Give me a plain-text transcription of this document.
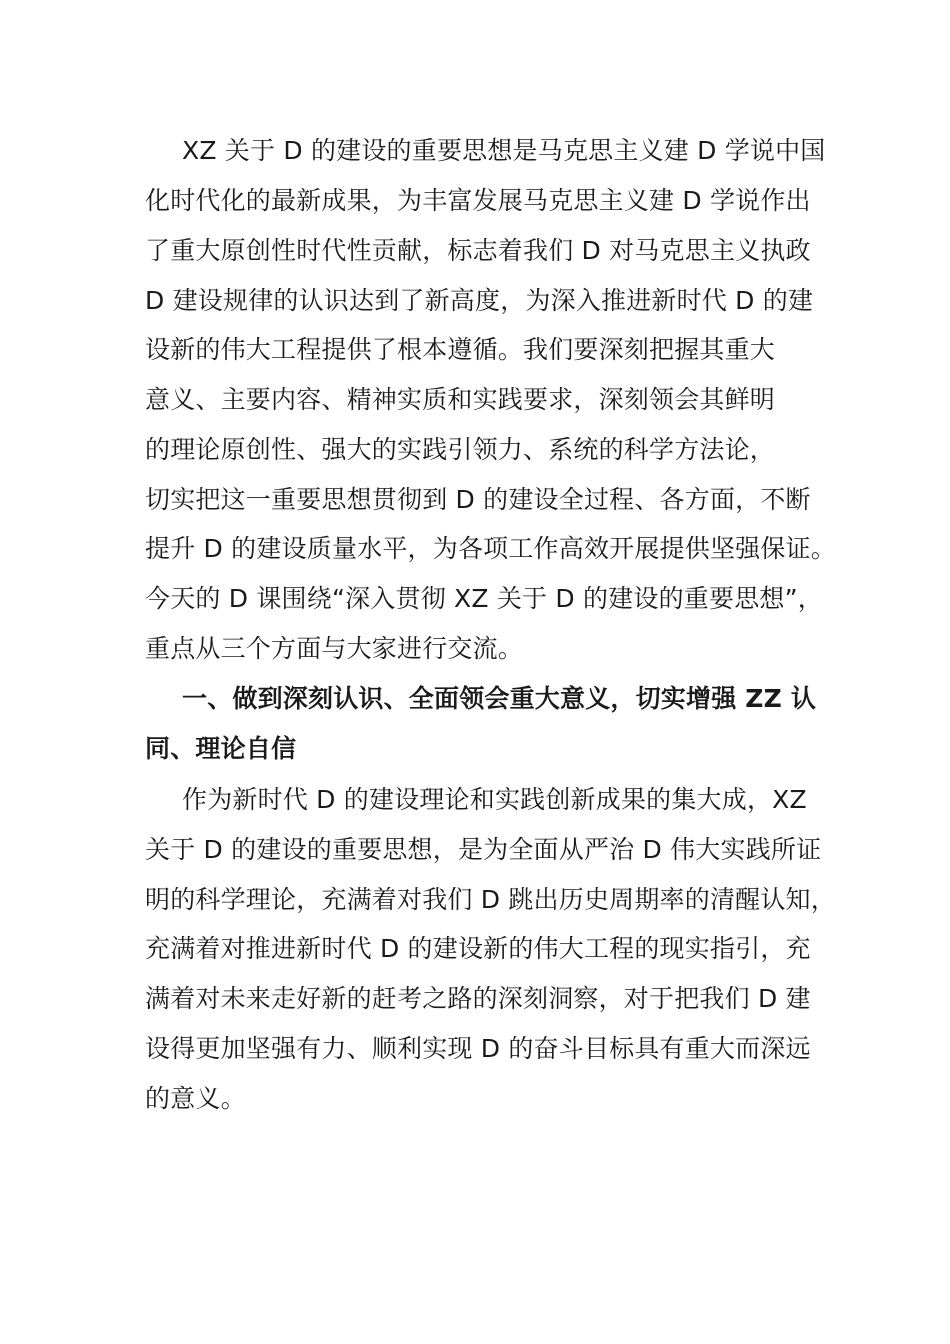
XZ 关于 D 的建设的重要思想是马克思主义建 D 学说中国
化时代化的最新成果，为丰富发展马克思主义建 D 学说作出
了重大原创性时代性贡献，标志着我们 D 对马克思主义执政
D 建设规律的认识达到了新高度，为深入推进新时代 D 的建
设新的伟大工程提供了根本遵循。我们要深刻把握其重大
意义、主要内容、精神实质和实践要求，深刻领会其鲜明
的理论原创性、强大的实践引领力、系统的科学方法论，
切实把这一重要思想贯彻到 D 的建设全过程、各方面，不断
提升 D 的建设质量水平，为各项工作高效开展提供坚强保证。
今天的 D 课围绕“深入贯彻 XZ 关于 D 的建设的重要思想”，
重点从三个方面与大家进行交流。
一、做到深刻认识、全面领会重大意义，切实增强 ZZ 认
同、理论自信
作为新时代 D 的建设理论和实践创新成果的集大成，XZ
关于 D 的建设的重要思想，是为全面从严治 D 伟大实践所证
明的科学理论，充满着对我们 D 跳出历史周期率的清醒认知，
充满着对推进新时代 D 的建设新的伟大工程的现实指引，充
满着对未来走好新的赶考之路的深刻洞察，对于把我们 D 建
设得更加坚强有力、顺利实现 D 的奋斗目标具有重大而深远
的意义。
